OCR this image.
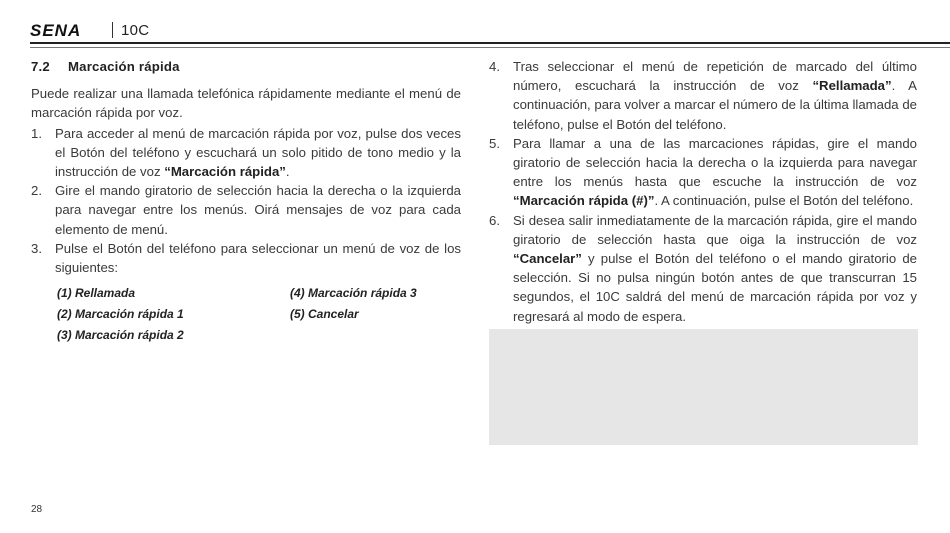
SENA	10C
7.2 Marcación rápida

Puede realizar una llamada telefónica rápidamente mediante el menú de marcación rápida por voz.

1. Para acceder al menú de marcación rápida por voz, pulse dos veces el Botón del teléfono y escuchará un solo pitido de tono medio y la instrucción de voz “Marcación rápida”.
2. Gire el mando giratorio de selección hacia la derecha o la izquierda para navegar entre los menús. Oirá mensajes de voz para cada elemento de menú.
3. Pulse el Botón del teléfono para seleccionar un menú de voz de los siguientes:
(1) Rellamada	(4) Marcación rápida 3
(2) Marcación rápida 1	(5) Cancelar
(3) Marcación rápida 2
4. Tras seleccionar el menú de repetición de marcado del último número, escuchará la instrucción de voz “Rellamada”. A continuación, para volver a marcar el número de la última llamada de teléfono, pulse el Botón del teléfono.
5. Para llamar a una de las marcaciones rápidas, gire el mando giratorio de selección hacia la derecha o la izquierda para navegar entre los menús hasta que escuche la instrucción de voz “Marcación rápida (#)”. A continuación, pulse el Botón del teléfono.
6. Si desea salir inmediatamente de la marcación rápida, gire el mando giratorio de selección hasta que oiga la instrucción de voz “Cancelar” y pulse el Botón del teléfono o el mando giratorio de selección. Si no pulsa ningún botón antes de que transcurran 15 segundos, el 10C saldrá del menú de marcación rápida por voz y regresará al modo de espera.
28
